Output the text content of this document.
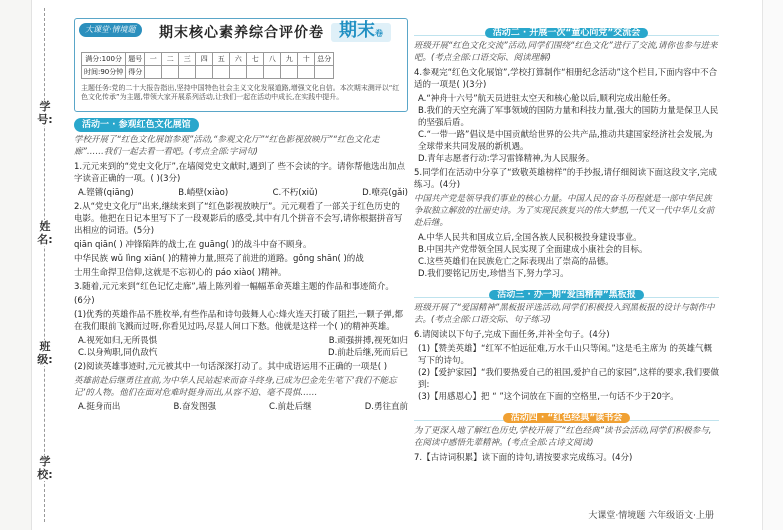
学号:
姓名:
班级:
学校:
大课堂·情境题	期末核心素养综合评价卷 期末卷
满分:100分	题号	一	二	三	四	五	六	七	八	九	十	总分
时间:90分钟	得分											
主题任务:党的二十大报告指出,坚持中国特色社会主义文化发展道路,增强文化自信。本次期末测评以“红色文化传承”为主题,带领大家开展系列活动,让我们一起在活动中成长,在实践中提升。
活动一 · 参观红色文化展馆
学校开展了“红色文化展馆参观”活动,“参观文化厅”“红色影视放映厅”“红色文化走廊”……我们一起去看一看吧。(考点全部:字词句)
1.元元来到的“党史文化厅”,在墙阅党史文献时,遇到了 些不会读的字。请你帮他选出加点字读音正确的一项。( )(3分)
A.铿锵(qiāng)	B.峭壁(xiào)	C.不朽(xiǔ)	D.嘹亮(gǎi)
2.从“党史文化厅”出来,继续来到了“红色影视放映厅”。元元观看了一部关于红色历史的电影。他把在日记本里写下了一段观影后的感受,其中有几个拼音不会写,请你根据拼音写出相应的词语。(5分)
qiān qiān( ) 冲锋陷阵的战士,在 guāng( )的战斗中奋不顾身。
中华民族 wǔ lìng xiān( )的精神力量,照亮了前进的道路。gǒng shān( )的战
士用生命捍卫信仰,这就是不忘初心的 páo xiào( )精神。
3.随着,元元来到“红色记忆走廊”,墙上陈列着一幅幅革命英雄主题的作品和事迹简介。
(6分)
(1)优秀的英雄作品不胜枚举,有些作品和诗句鼓舞人心:烽火连天打破了阻拦,一颗子弹,都在我们眼前飞溅而过呀,你看见过吗,尽显人间口下愁。他就是这样一个( )的精神英雄。
A.视死如归,无所畏惧	B.顽强拼搏,视死如归
C.以身殉职,同仇敌忾	D.前赴后继,死而后已
(2)阅读英雄事迹时,元元被其中一句话深深打动了。其中成语运用不正确的一项是( )
英雄前赴后继勇往直前,为中华人民站起来而奋斗终身,已成为巴金先生笔下‘我们不能忘记’的人物。他们在面对危难时挺身而出,从容不迫、毫不畏惧……
A.挺身而出	B.奋发图强	C.前赴后继	D.勇往直前
活动二 · 开展一次“童心向党”交流会
班级开展“红色文化交流”活动,同学们围绕“红色文化”进行了交流,请你也参与进来吧。(考点全部:口语交际、阅读理解)
4.参观完“红色文化展馆”,学校打算制作“相册纪念活动”这个栏目,下面内容中不合适的一项是( )(3分)
A.“神舟十六号”航天员进驻太空天和核心舱以后,顺利完成出舱任务。
B.我们的天空充满了军事领域的国防力量和科技力量,强大的国防力量是保卫人民的坚强后盾。
C.“一带一路”倡议是中国贡献给世界的公共产品,推动共建国家经济社会发展,为全球带来共同发展的新机遇。
D.青年志愿者行动:学习雷锋精神,为人民服务。
5.同学们在活动中分享了“致敬英雄榜样”的手抄报,请仔细阅读下面这段文字,完成练习。(4分)
中国共产党是领导我们事业的核心力量。中国人民的奋斗历程就是一部中华民族争取独立解放的壮丽史诗。为了实现民族复兴的伟大梦想,一代又一代中华儿女前赴后继。
A.中华人民共和国成立后,全国各族人民积极投身建设事业。
B.中国共产党带领全国人民实现了全面建成小康社会的目标。
C.这些英雄们在民族危亡之际表现出了崇高的品德。
D.我们要铭记历史,珍惜当下,努力学习。
活动三 · 办一期“爱国精神”黑板报
班级开展了“爱国精神”黑板报评选活动,同学们积极投入到黑板报的设计与制作中去。(考点全部:口语交际、句子练习)
6.请阅读以下句子,完成下面任务,并补全句子。(4分)
(1)【赞美英雄】“红军不怕远征难,万水千山只等闲。”这是毛主席为 的英雄气概写下的诗句。
(2)【爱护家园】“我们要热爱自己的祖国,爱护自己的家园”,这样的要求,我们要做到:
(3)【用感恩心】把 “ ”这个词放在下面的空格里,一句话不少于20字。
活动四 · “红色经典”读书会
为了更深入地了解红色历史,学校开展了“红色经典”读书会活动,同学们积极参与,在阅读中感悟先辈精神。(考点全部:古诗文阅读)
7.【古诗词积累】读下面的诗句,请按要求完成练习。(4分)
大课堂·情境题 六年级语文·上册
